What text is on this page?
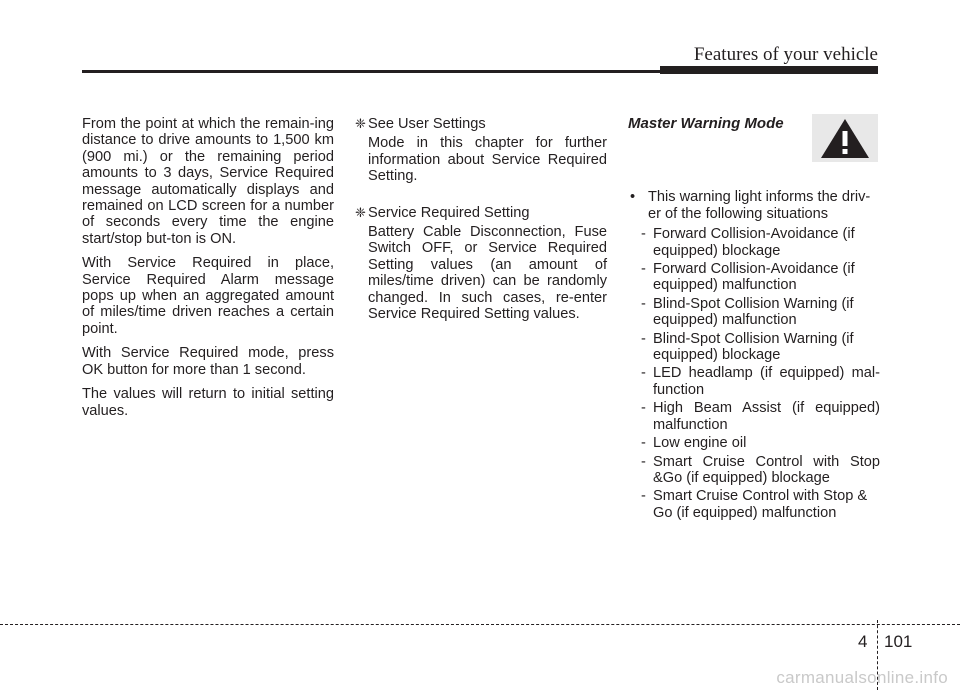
Features of your vehicle

From the point at which the remain-ing distance to drive amounts to 1,500 km (900 mi.) or the remaining period amounts to 3 days, Service Required message automatically displays and remained on LCD screen for a number of seconds every time the engine start/stop but-ton is ON.

With Service Required in place, Service Required Alarm message pops up when an aggregated amount of miles/time driven reaches a certain point.

With Service Required mode, press OK button for more than 1 second.

The values will return to initial setting values.

❈ See User Settings
Mode in this chapter for further information about Service Required Setting.
❈ Service Required Setting
Battery Cable Disconnection, Fuse Switch OFF, or Service Required Setting values (an amount of miles/time driven) can be randomly changed. In such cases, re-enter Service Required Setting values.

Master Warning Mode

• This warning light informs the driv-er of the following situations
- Forward Collision-Avoidance (if equipped) blockage
- Forward Collision-Avoidance (if equipped) malfunction
- Blind-Spot Collision Warning (if equipped) malfunction
- Blind-Spot Collision Warning (if equipped) blockage
- LED headlamp (if equipped) mal-function
- High Beam Assist (if equipped) malfunction
- Low engine oil
- Smart Cruise Control with Stop &Go (if equipped) blockage
- Smart Cruise Control with Stop & Go (if equipped) malfunction
4 101
carmanualsonline.info
